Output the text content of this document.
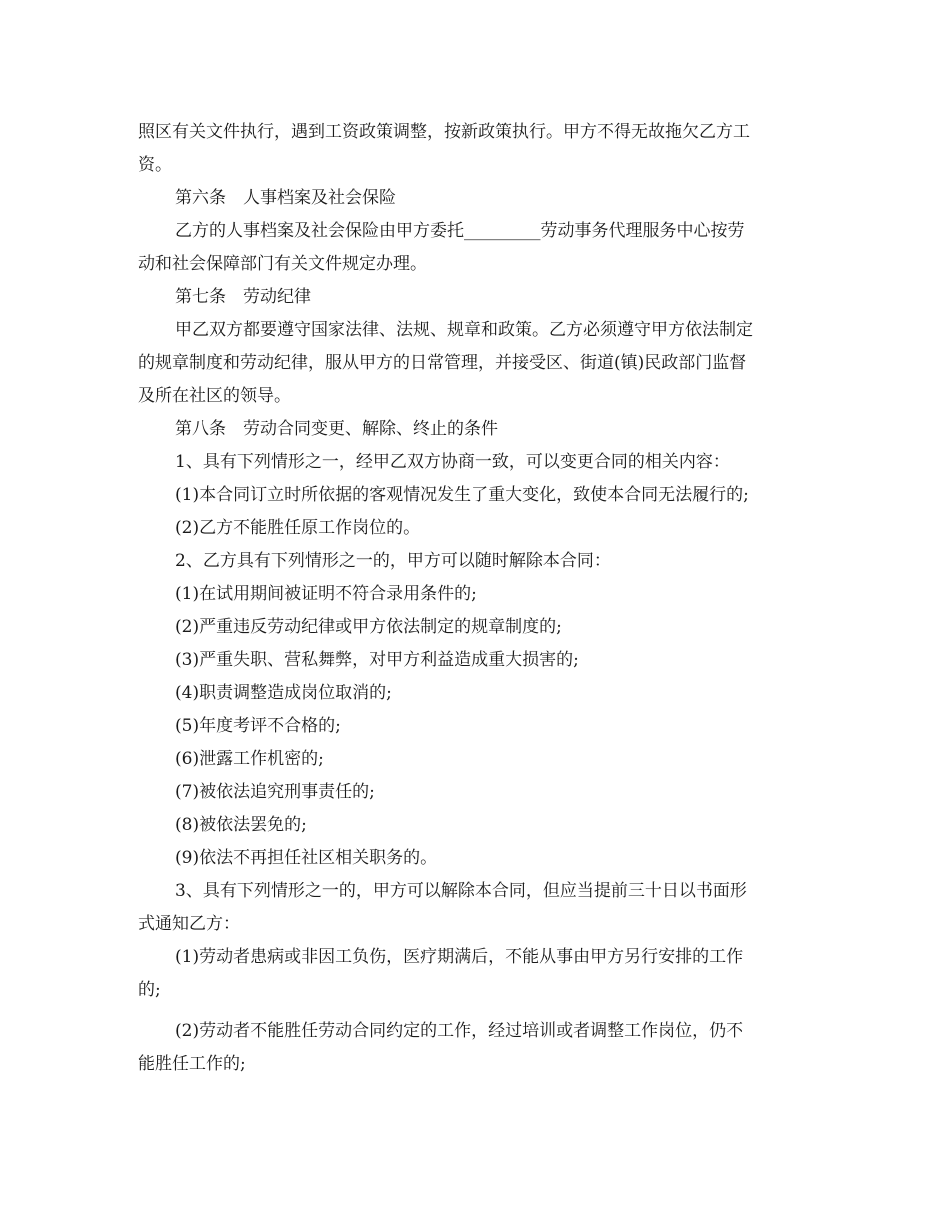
照区有关文件执行，遇到工资政策调整，按新政策执行。甲方不得无故拖欠乙方工
资。
第六条　人事档案及社会保险
乙方的人事档案及社会保险由甲方委托_________劳动事务代理服务中心按劳
动和社会保障部门有关文件规定办理。
第七条　劳动纪律
甲乙双方都要遵守国家法律、法规、规章和政策。乙方必须遵守甲方依法制定
的规章制度和劳动纪律，服从甲方的日常管理，并接受区、街道(镇)民政部门监督
及所在社区的领导。
第八条　劳动合同变更、解除、终止的条件
1、具有下列情形之一，经甲乙双方协商一致，可以变更合同的相关内容：
(1)本合同订立时所依据的客观情况发生了重大变化，致使本合同无法履行的;
(2)乙方不能胜任原工作岗位的。
2、乙方具有下列情形之一的，甲方可以随时解除本合同：
(1)在试用期间被证明不符合录用条件的;
(2)严重违反劳动纪律或甲方依法制定的规章制度的;
(3)严重失职、营私舞弊，对甲方利益造成重大损害的;
(4)职责调整造成岗位取消的;
(5)年度考评不合格的;
(6)泄露工作机密的;
(7)被依法追究刑事责任的;
(8)被依法罢免的;
(9)依法不再担任社区相关职务的。
3、具有下列情形之一的，甲方可以解除本合同，但应当提前三十日以书面形
式通知乙方：
(1)劳动者患病或非因工负伤，医疗期满后，不能从事由甲方另行安排的工作
的;
(2)劳动者不能胜任劳动合同约定的工作，经过培训或者调整工作岗位，仍不
能胜任工作的;
